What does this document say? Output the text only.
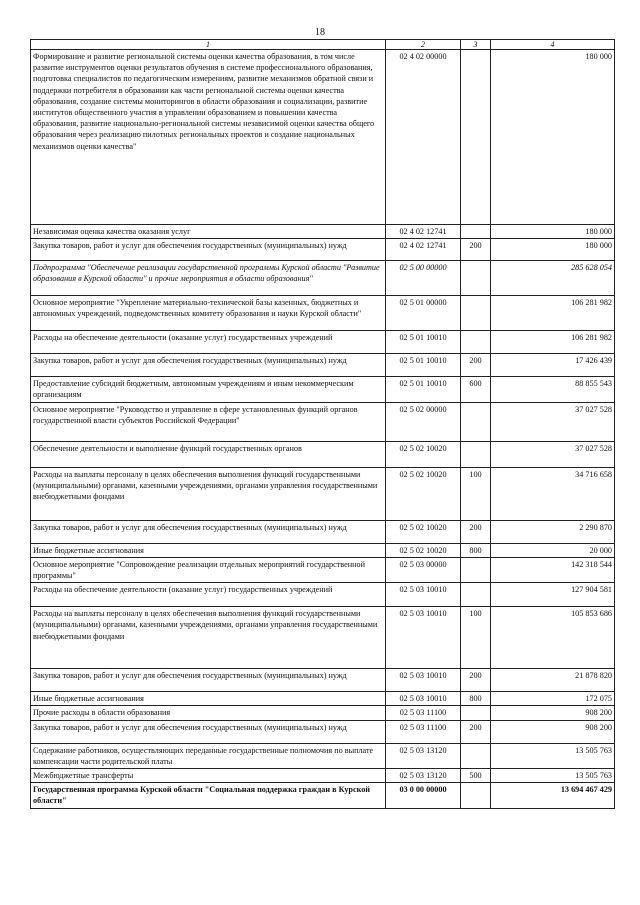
18
1	2	3	4
Формирование и развитие региональной системы оценки качества образования, в том числе развитие инструментов оценки результатов обучения в системе профессионального образования, подготовка специалистов по педагогическим измерениям, развитие механизмов обратной связи и поддержки потребителя в образовании как части региональной системы оценки качества образования, создание системы мониторингов в области образования и социализации, развитие институтов общественного участия в управлении образованием и повышении качества образования, развитие национально-региональной системы независимой оценки качества общего образования через реализацию пилотных региональных проектов и создание национальных механизмов оценки качества"	02 4 02 00000		180 000
Независимая оценка качества оказания услуг	02 4 02 12741		180 000
Закупка товаров, работ и услуг для обеспечения государственных (муниципальных) нужд	02 4 02 12741	200	180 000
Подпрограмма "Обеспечение реализации государственной программы Курской области "Развитие образования в Курской области" и прочие мероприятия в области образования"	02 5 00 00000		285 628 054
Основное мероприятие "Укрепление материально-технической базы казенных, бюджетных и автономных учреждений, подведомственных комитету образования и науки Курской области"	02 5 01 00000		106 281 982
Расходы на обеспечение деятельности (оказание услуг) государственных учреждений	02 5 01 10010		106 281 982
Закупка товаров, работ и услуг для обеспечения государственных (муниципальных) нужд	02 5 01 10010	200	17 426 439
Предоставление субсидий бюджетным, автономным учреждениям и иным некоммерческим организациям	02 5 01 10010	600	88 855 543
Основное мероприятие "Руководство и управление в сфере установленных функций органов государственной власти субъектов Российской Федерации"	02 5 02 00000		37 027 528
Обеспечение деятельности и выполнение функций государственных органов	02 5 02 10020		37 027 528
Расходы на выплаты персоналу в целях обеспечения выполнения функций государственными (муниципальными) органами, казенными учреждениями, органами управления государственными внебюджетными фондами	02 5 02 10020	100	34 716 658
Закупка товаров, работ и услуг для обеспечения государственных (муниципальных) нужд	02 5 02 10020	200	2 290 870
Иные бюджетные ассигнования	02 5 02 10020	800	20 000
Основное мероприятие "Сопровождение реализации отдельных мероприятий государственной программы"	02 5 03 00000		142 318 544
Расходы на обеспечение деятельности (оказание услуг) государственных учреждений	02 5 03 10010		127 904 581
Расходы на выплаты персоналу в целях обеспечения выполнения функций государственными (муниципальными) органами, казенными учреждениями, органами управления государственными внебюджетными фондами	02 5 03 10010	100	105 853 686
Закупка товаров, работ и услуг для обеспечения государственных (муниципальных) нужд	02 5 03 10010	200	21 878 820
Иные бюджетные ассигнования	02 5 03 10010	800	172 075
Прочие расходы в области образования	02 5 03 11100		908 200
Закупка товаров, работ и услуг для обеспечения государственных (муниципальных) нужд	02 5 03 11100	200	908 200
Содержание работников, осуществляющих переданные государственные полномочия по выплате компенсации части родительской платы	02 5 03 13120		13 505 763
Межбюджетные трансферты	02 5 03 13120	500	13 505 763
Государственная программа Курской области "Социальная поддержка граждан в Курской области"	03 0 00 00000		13 694 467 429
